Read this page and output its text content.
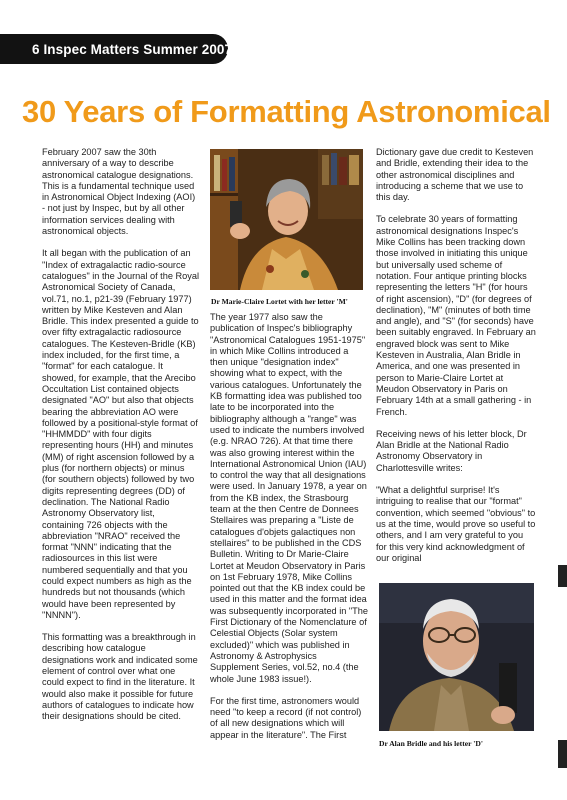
6 Inspec Matters Summer 2007
30 Years of Formatting Astronomical

February 2007 saw the 30th anniversary of a way to describe astronomical catalogue designations. This is a fundamental technique used in Astronomical Object Indexing (AOI) - not just by Inspec, but by all other information services dealing with astronomical objects.

It all began with the publication of an "Index of extragalactic radio-source catalogues" in the Journal of the Royal Astronomical Society of Canada, vol.71, no.1, p21-39 (February 1977) written by Mike Kesteven and Alan Bridle. This index presented a guide to over fifty extragalactic radiosource catalogues. The Kesteven-Bridle (KB) index included, for the first time, a "format" for each catalogue. It showed, for example, that the Arecibo Occultation List contained objects designated "AO" but also that objects bearing the abbreviation AO were followed by a positional-style format of "HHMMDD" with four digits representing hours (HH) and minutes (MM) of right ascension followed by a plus (for northern objects) or minus (for southern objects) followed by two digits representing degrees (DD) of declination. The National Radio Astronomy Observatory list, containing 726 objects with the abbreviation "NRAO" received the format "NNN" indicating that the radiosources in this list were numbered sequentially and that you could expect numbers as high as the hundreds but not thousands (which would have been represented by "NNNN").

This formatting was a breakthrough in describing how catalogue designations work and indicated some element of control over what one could expect to find in the literature. It would also make it possible for future authors of catalogues to indicate how their designations should be cited.

Dr Marie-Claire Lortet with her letter 'M'

The year 1977 also saw the publication of Inspec's bibliography "Astronomical Catalogues 1951-1975" in which Mike Collins introduced a then unique "designation index" showing what to expect, with the various catalogues. Unfortunately the KB formatting idea was published too late to be incorporated into the bibliography although a "range" was used to indicate the numbers involved (e.g. NRAO 726). At that time there was also growing interest within the International Astronomical Union (IAU) to control the way that all designations were used. In January 1978, a year on from the KB index, the Strasbourg team at the then Centre de Donnees Stellaires was preparing a "Liste de catalogues d'objets galactiques non stellaires" to be published in the CDS Bulletin. Writing to Dr Marie-Claire Lortet at Meudon Observatory in Paris on 1st February 1978, Mike Collins pointed out that the KB index could be used in this matter and the format idea was subsequently incorporated in "The First Dictionary of the Nomenclature of Celestial Objects (Solar system excluded)" which was published in Astronomy & Astrophysics Supplement Series, vol.52, no.4 (the whole June 1983 issue!).

For the first time, astronomers would need "to keep a record (if not control) of all new designations which will appear in the literature". The First

Dictionary gave due credit to Kesteven and Bridle, extending their idea to the other astronomical disciplines and introducing a scheme that we use to this day.

To celebrate 30 years of formatting astronomical designations Inspec's Mike Collins has been tracking down those involved in initiating this unique but universally used scheme of notation. Four antique printing blocks representing the letters "H" (for hours of right ascension), "D" (for degrees of declination), "M" (minutes of both time and angle), and "S" (for seconds) have been suitably engraved. In February an engraved block was sent to Mike Kesteven in Australia, Alan Bridle in America, and one was presented in person to Marie-Claire Lortet at Meudon Observatory in Paris on February 14th at a small gathering - in French.

Receiving news of his letter block, Dr Alan Bridle at the National Radio Astronomy Observatory in Charlottesville writes:

"What a delightful surprise! It's intriguing to realise that our "format" convention, which seemed "obvious" to us at the time, would prove so useful to others, and I am very grateful to you for this very kind acknowledgment of our original

Dr Alan Bridle and his letter 'D'
